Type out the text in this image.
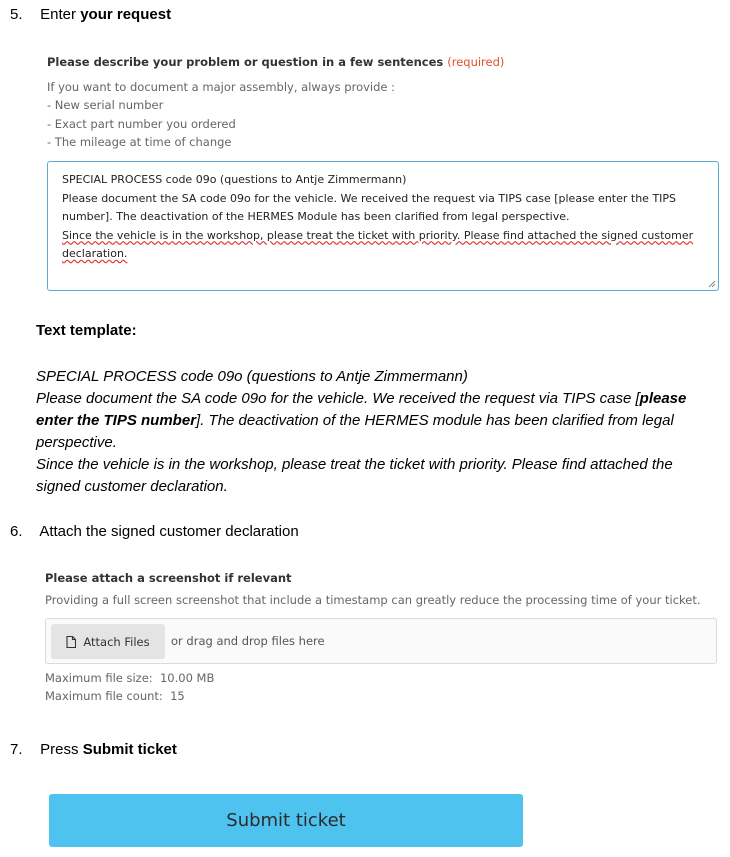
5. Enter your request
Please describe your problem or question in a few sentences (required)
If you want to document a major assembly, always provide :
- New serial number
- Exact part number you ordered
- The mileage at time of change
SPECIAL PROCESS code 09o (questions to Antje Zimmermann)
Please document the SA code 09o for the vehicle. We received the request via TIPS case [please enter the TIPS
number]. The deactivation of the HERMES Module has been clarified from legal perspective.
Since the vehicle is in the workshop, please treat the ticket with priority. Please find attached the signed customer
declaration.
Text template:
SPECIAL PROCESS code 09o (questions to Antje Zimmermann)
Please document the SA code 09o for the vehicle. We received the request via TIPS case [please enter the TIPS number]. The deactivation of the HERMES module has been clarified from legal perspective.
Since the vehicle is in the workshop, please treat the ticket with priority. Please find attached the signed customer declaration.
6. Attach the signed customer declaration
Please attach a screenshot if relevant
Providing a full screen screenshot that include a timestamp can greatly reduce the processing time of your ticket.
Attach Files or drag and drop files here
Maximum file size:  10.00 MB
Maximum file count:  15
7. Press Submit ticket
Submit ticket
